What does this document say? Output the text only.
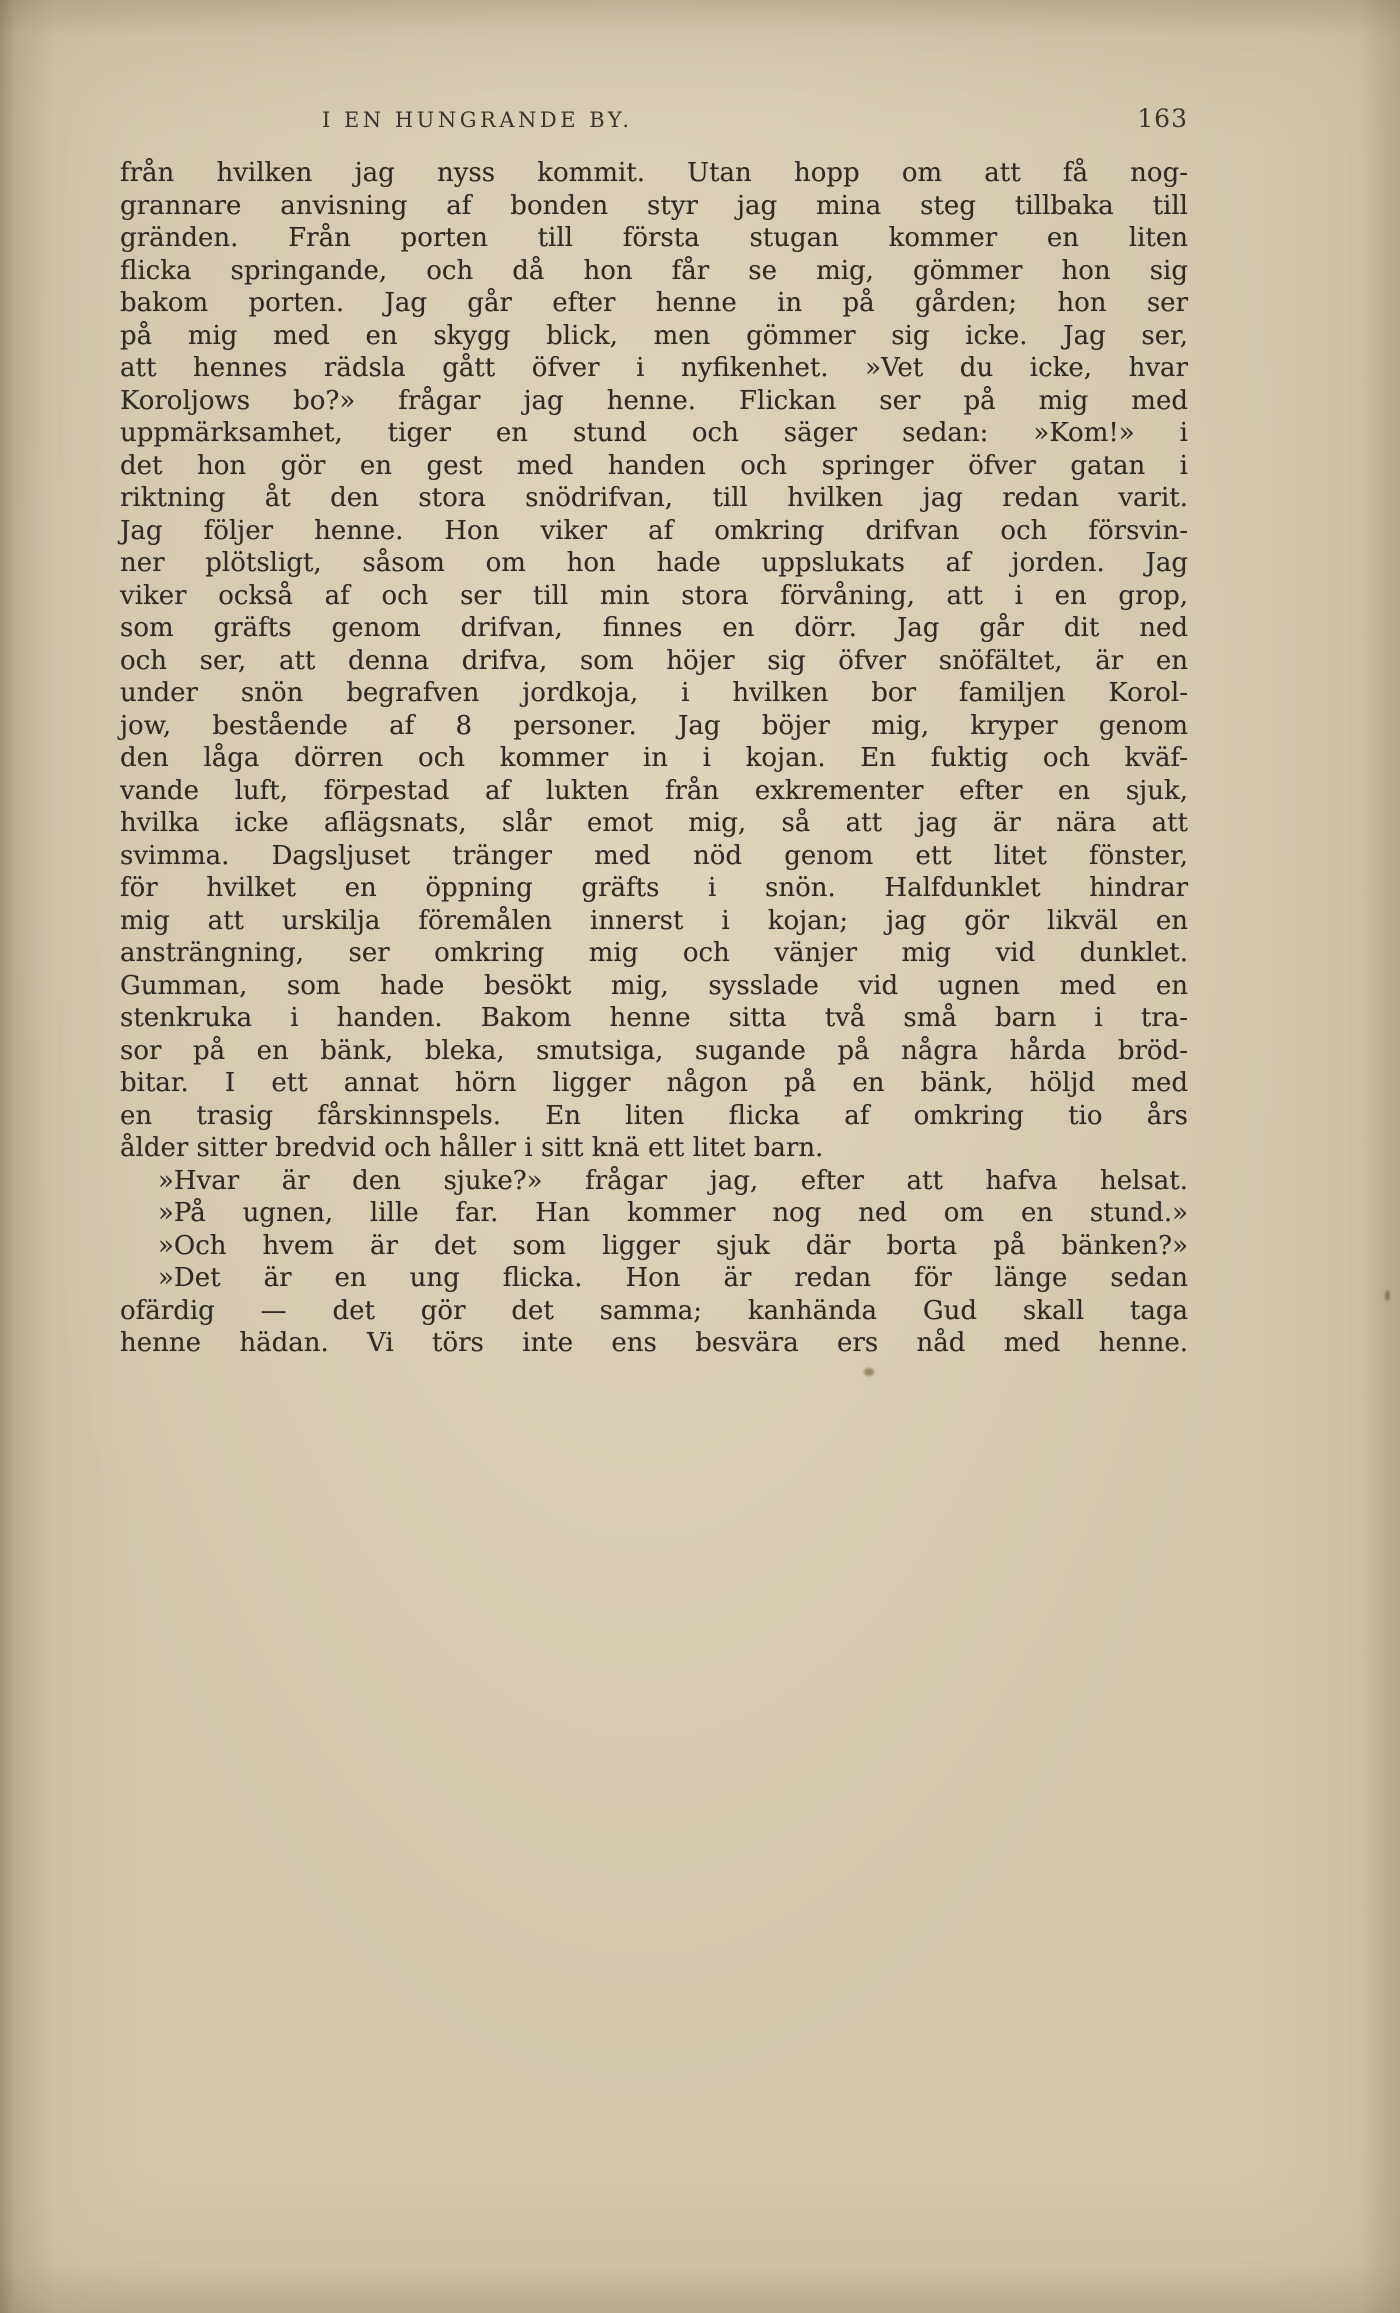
I EN HUNGRANDE BY.	163
från hvilken jag nyss kommit. Utan hopp om att få nog-
grannare anvisning af bonden styr jag mina steg tillbaka till
gränden. Från porten till första stugan kommer en liten
flicka springande, och då hon får se mig, gömmer hon sig
bakom porten. Jag går efter henne in på gården; hon ser
på mig med en skygg blick, men gömmer sig icke. Jag ser,
att hennes rädsla gått öfver i nyfikenhet. »Vet du icke, hvar
Koroljows bo?» frågar jag henne. Flickan ser på mig med
uppmärksamhet, tiger en stund och säger sedan: »Kom!» i
det hon gör en gest med handen och springer öfver gatan i
riktning åt den stora snödrifvan, till hvilken jag redan varit.
Jag följer henne. Hon viker af omkring drifvan och försvin-
ner plötsligt, såsom om hon hade uppslukats af jorden. Jag
viker också af och ser till min stora förvåning, att i en grop,
som gräfts genom drifvan, finnes en dörr. Jag går dit ned
och ser, att denna drifva, som höjer sig öfver snöfältet, är en
under snön begrafven jordkoja, i hvilken bor familjen Korol-
jow, bestående af 8 personer. Jag böjer mig, kryper genom
den låga dörren och kommer in i kojan. En fuktig och kväf-
vande luft, förpestad af lukten från exkrementer efter en sjuk,
hvilka icke aflägsnats, slår emot mig, så att jag är nära att
svimma. Dagsljuset tränger med nöd genom ett litet fönster,
för hvilket en öppning gräfts i snön. Halfdunklet hindrar
mig att urskilja föremålen innerst i kojan; jag gör likväl en
ansträngning, ser omkring mig och vänjer mig vid dunklet.
Gumman, som hade besökt mig, sysslade vid ugnen med en
stenkruka i handen. Bakom henne sitta två små barn i tra-
sor på en bänk, bleka, smutsiga, sugande på några hårda bröd-
bitar. I ett annat hörn ligger någon på en bänk, höljd med
en trasig fårskinnspels. En liten flicka af omkring tio års
ålder sitter bredvid och håller i sitt knä ett litet barn.
»Hvar är den sjuke?» frågar jag, efter att hafva helsat.
»På ugnen, lille far. Han kommer nog ned om en stund.»
»Och hvem är det som ligger sjuk där borta på bänken?»
»Det är en ung flicka. Hon är redan för länge sedan
ofärdig — det gör det samma; kanhända Gud skall taga
henne hädan. Vi törs inte ens besvära ers nåd med henne.
